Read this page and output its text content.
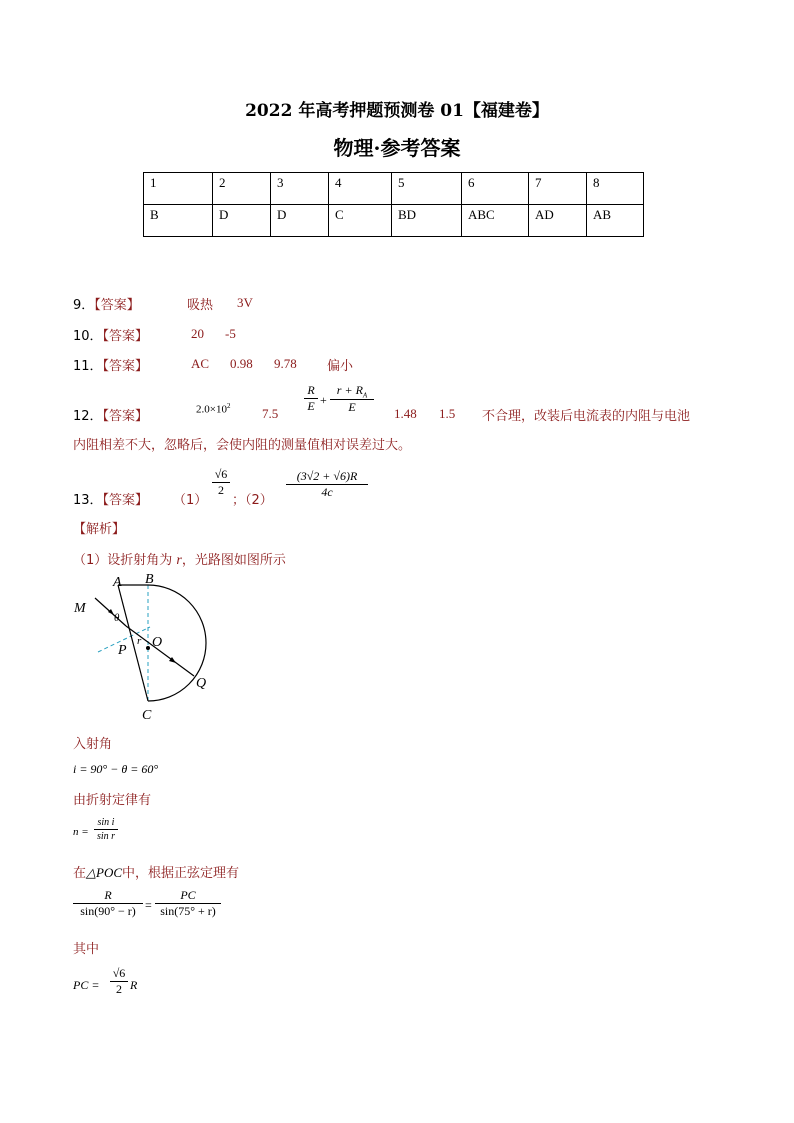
2022 年高考押题预测卷 01【福建卷】
物理·参考答案
1	2	3	4	5	6	7	8
B	D	D	C	BD	ABC	AD	AB
9．【答案】	吸热 3V
10．【答案】	20 -5
11．【答案】	AC 0.98 9.78 偏小
12．【答案】	$2.0\times 10^2$ $7.5 \frac{R}{E} + \frac{r + R_A}{E} 1.48$ 1.5 不合理，改装后电流表的内阻与电池
内阻相差不大，忽略后，会使内阻的测量值相对误差过大。
13．【答案】 （1）
$\frac{√6}{2}$
；（2）
$\frac{(3√2 + √6)R}{4c}$
【解析】
（1）设折射角为 r，光路图如图所示
A B
M
θ
r O
P
Q
C
入射角
i = 90° − θ = 60°
由折射定律有
$n = \frac{\text{sin i}}{\text{sin r}}$
在△POC中，根据正弦定理有
$\frac{R}{\sin(90^\circ - r)} = \frac{PC}{\sin(75^\circ + r)}$
其中
PC = $\frac{√6}{2}$ R
